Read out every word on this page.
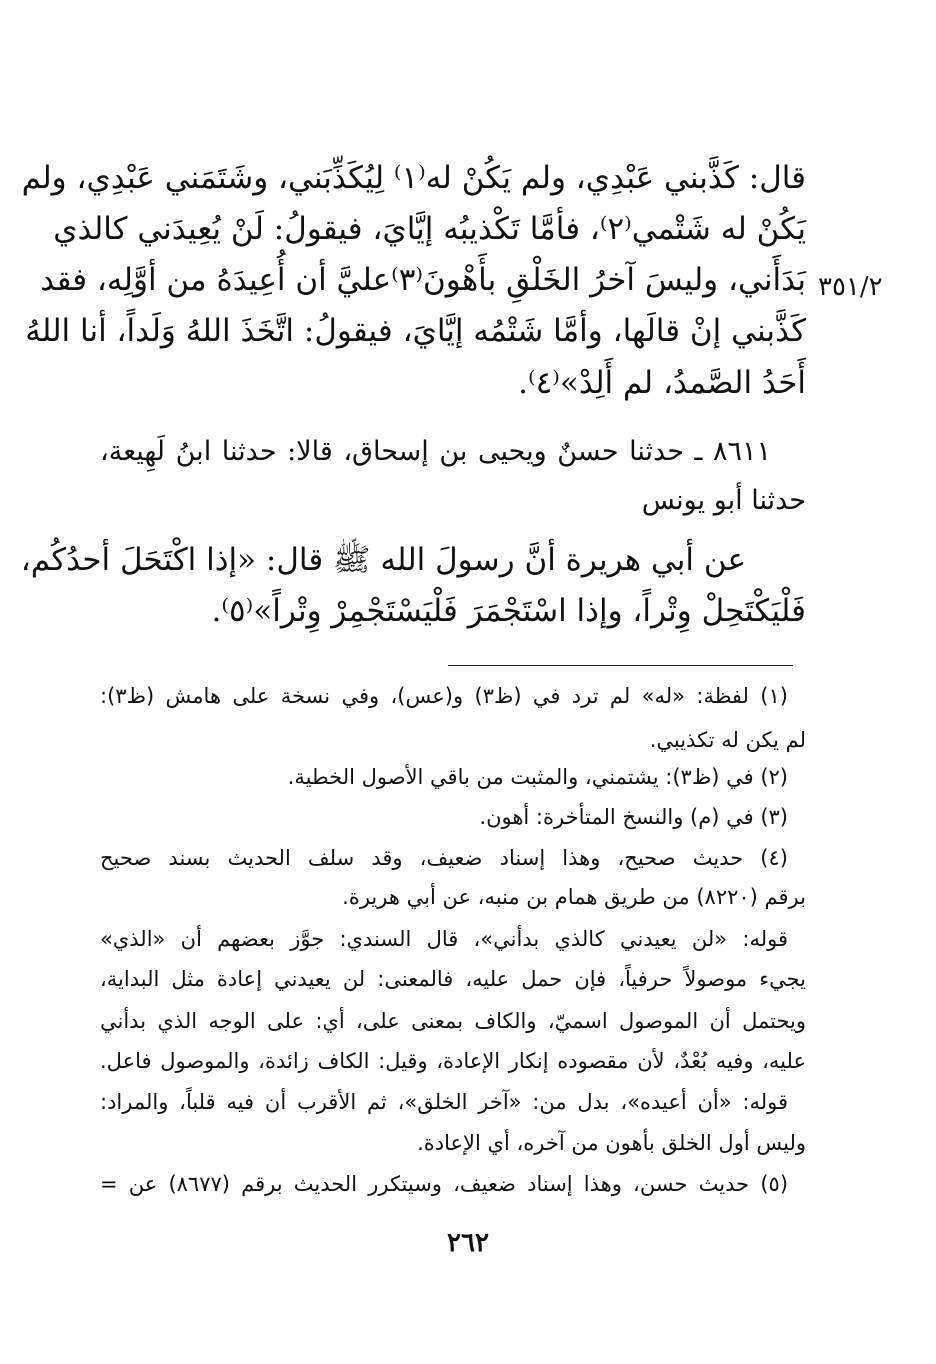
٣٥١/٢
قال: كَذَّبني عَبْدِي، ولم يَكُنْ له⁽١⁾ لِيُكَذِّبَني، وشَتَمَني عَبْدِي، ولم
يَكُنْ له شَتْمي⁽٢⁾، فأمَّا تَكْذيبُه إيَّايَ، فيقولُ: لَنْ يُعِيدَني كالذي
بَدَأَني، وليسَ آخرُ الخَلْقِ بأَهْونَ⁽٣⁾عليَّ أن أُعِيدَهُ من أوَّلِه، فقد
كَذَّبني إنْ قالَها، وأمَّا شَتْمُه إيَّايَ، فيقولُ: اتَّخَذَ اللهُ وَلَداً، أنا اللهُ
أَحَدُ الصَّمدُ، لم أَلِدْ»⁽٤⁾.
٨٦١١ ـ حدثنا حسنٌ ويحيى بن إسحاق، قالا: حدثنا ابنُ لَهِيعة،
حدثنا أبو يونس
عن أبي هريرة أنَّ رسولَ الله ﷺ قال: «إذا اكْتَحَلَ أحدُكُم،
فَلْيَكْتَحِلْ وِتْراً، وإذا اسْتَجْمَرَ فَلْيَسْتَجْمِرْ وِتْراً»⁽٥⁾.
(١) لفظة: «له» لم ترد في (ظ٣) و(عس)، وفي نسخة على هامش (ظ٣):
لم يكن له تكذيبي.
(٢) في (ظ٣): يشتمني، والمثبت من باقي الأصول الخطية.
(٣) في (م) والنسخ المتأخرة: أهون.
(٤) حديث صحيح، وهذا إسناد ضعيف، وقد سلف الحديث بسند صحيح
برقم (٨٢٢٠) من طريق همام بن منبه، عن أبي هريرة.
قوله: «لن يعيدني كالذي بدأني»، قال السندي: جوَّز بعضهم أن «الذي»
يجيء موصولاً حرفياً، فإن حمل عليه، فالمعنى: لن يعيدني إعادة مثل البداية،
ويحتمل أن الموصول اسميّ، والكاف بمعنى على، أي: على الوجه الذي بدأني
عليه، وفيه بُعْدٌ، لأن مقصوده إنكار الإعادة، وقيل: الكاف زائدة، والموصول فاعل.
قوله: «أن أعيده»، بدل من: «آخر الخلق»، ثم الأقرب أن فيه قلباً، والمراد:
وليس أول الخلق بأهون من آخره، أي الإعادة.
(٥) حديث حسن، وهذا إسناد ضعيف، وسيتكرر الحديث برقم (٨٦٧٧) عن =
٢٦٢
